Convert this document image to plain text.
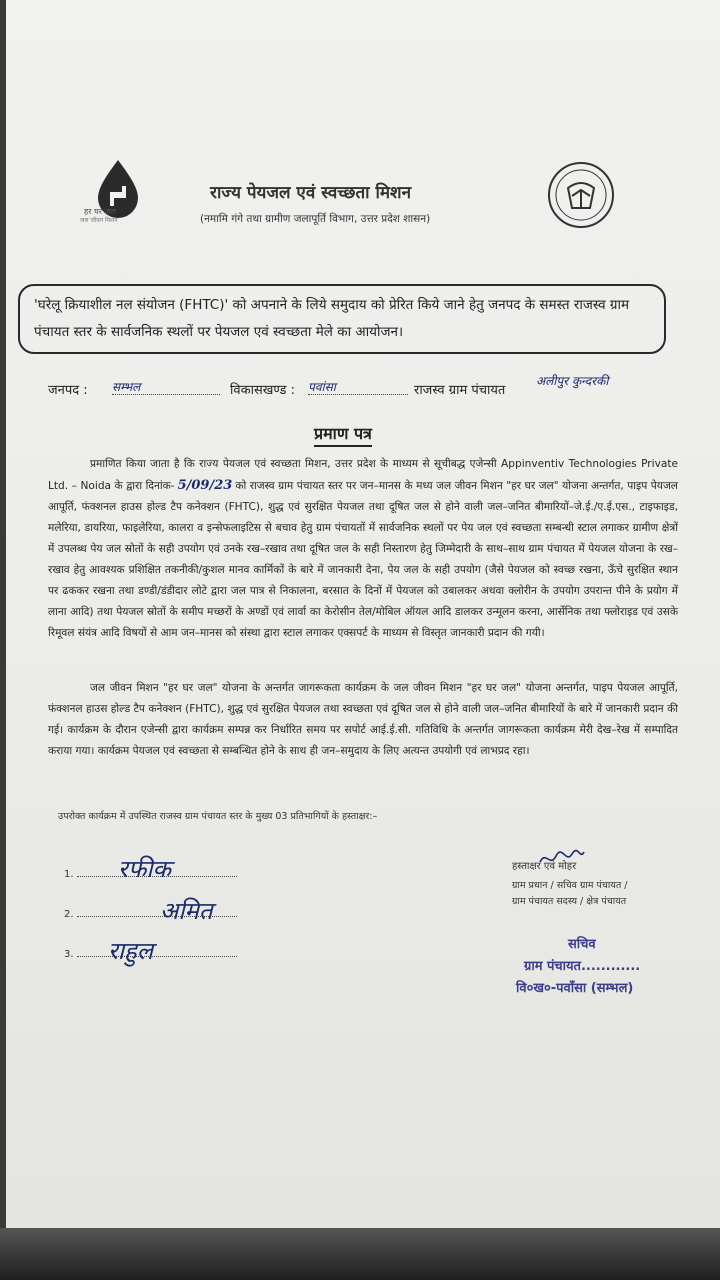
हर घर जल
जल जीवन मिशन
राज्य पेयजल एवं स्वच्छता मिशन
(नमामि गंगे तथा ग्रामीण जलापूर्ति विभाग, उत्तर प्रदेश शासन)
'घरेलू क्रियाशील नल संयोजन (FHTC)' को अपनाने के लिये समुदाय को प्रेरित किये जाने हेतु जनपद के समस्त राजस्व ग्राम पंचायत स्तर के सार्वजनिक स्थलों पर पेयजल एवं स्वच्छता मेले का आयोजन।
जनपद : सम्भल	विकासखण्ड : पवांसा	राजस्व ग्राम पंचायत
अलीपुर कुन्दरकी
प्रमाण पत्र

प्रमाणित किया जाता है कि राज्य पेयजल एवं स्वच्छता मिशन, उत्तर प्रदेश के माध्यम से सूचीबद्ध एजेन्सी Appinventiv Technologies Private Ltd. – Noida के द्वारा दिनांक- 5/09/23 को राजस्व ग्राम पंचायत स्तर पर जन–मानस के मध्य जल जीवन मिशन "हर घर जल" योजना अन्तर्गत, पाइप पेयजल आपूर्ति, फंक्शनल हाउस होल्ड टैप कनेक्शन (FHTC), शुद्ध एवं सुरक्षित पेयजल तथा दूषित जल से होने वाली जल–जनित बीमारियों–जे.ई./ए.ई.एस., टाइफाइड, मलेरिया, डायरिया, फाइलेरिया, कालरा व इन्सेफलाइटिस से बचाव हेतु ग्राम पंचायतों में सार्वजनिक स्थलों पर पेय जल एवं स्वच्छता सम्बन्धी स्टाल लगाकर ग्रामीण क्षेत्रों में उपलब्ध पेय जल स्रोतों के सही उपयोग एवं उनके रख–रखाव तथा दूषित जल के सही निस्तारण हेतु जिम्मेदारी के साथ–साथ ग्राम पंचायत में पेयजल योजना के रख–रखाव हेतु आवश्यक प्रशिक्षित तकनीकी/कुशल मानव कार्मिकों के बारे में जानकारी देना, पेय जल के सही उपयोग (जैसे पेयजल को स्वच्छ रखना, ऊँचे सुरक्षित स्थान पर ढककर रखना तथा डण्डी/डंडीदार लोटे द्वारा जल पात्र से निकालना, बरसात के दिनों में पेयजल को उबालकर अथवा क्लोरीन के उपयोग उपरान्त पीने के प्रयोग में लाना आदि) तथा पेयजल स्रोतों के समीप मच्छरों के अण्डों एवं लार्वा का केरोसीन तेल/मोबिल ऑयल आदि डालकर उन्मूलन करना, आर्सेनिक तथा फ्लोराइड एवं उसके रिमूवल संयंत्र आदि विषयों से आम जन–मानस को संस्था द्वारा स्टाल लगाकर एक्सपर्ट के माध्यम से विस्तृत जानकारी प्रदान की गयी।

जल जीवन मिशन "हर घर जल" योजना के अन्तर्गत जागरूकता कार्यक्रम के जल जीवन मिशन "हर घर जल" योजना अन्तर्गत, पाइप पेयजल आपूर्ति, फंक्शनल हाउस होल्ड टैप कनेक्शन (FHTC), शुद्ध एवं सुरक्षित पेयजल तथा स्वच्छता एवं दूषित जल से होने वाली जल–जनित बीमारियों के बारे में जानकारी प्रदान की गई। कार्यक्रम के दौरान एजेन्सी द्वारा कार्यक्रम सम्पन्न कर निर्धारित समय पर सपोर्ट आई.ई.सी. गतिविधि के अन्तर्गत जागरूकता कार्यक्रम मेरी देख–रेख में सम्पादित कराया गया। कार्यक्रम पेयजल एवं स्वच्छता से सम्बन्धित होने के साथ ही जन–समुदाय के लिए अत्यन्त उपयोगी एवं लाभप्रद रहा।

उपरोक्त कार्यक्रम में उपस्थित राजस्व ग्राम पंचायत स्तर के मुख्य 03 प्रतिभागियों के हस्ताक्षर:–
1.	रफीक
2.	अमित
3.	राहुल
हस्ताक्षर एवं मोहर
ग्राम प्रधान / सचिव ग्राम पंचायत /
ग्राम पंचायत सदस्य / क्षेत्र पंचायत
सचिव
ग्राम पंचायत............
वि०ख०-पवाँसा (सम्भल)
